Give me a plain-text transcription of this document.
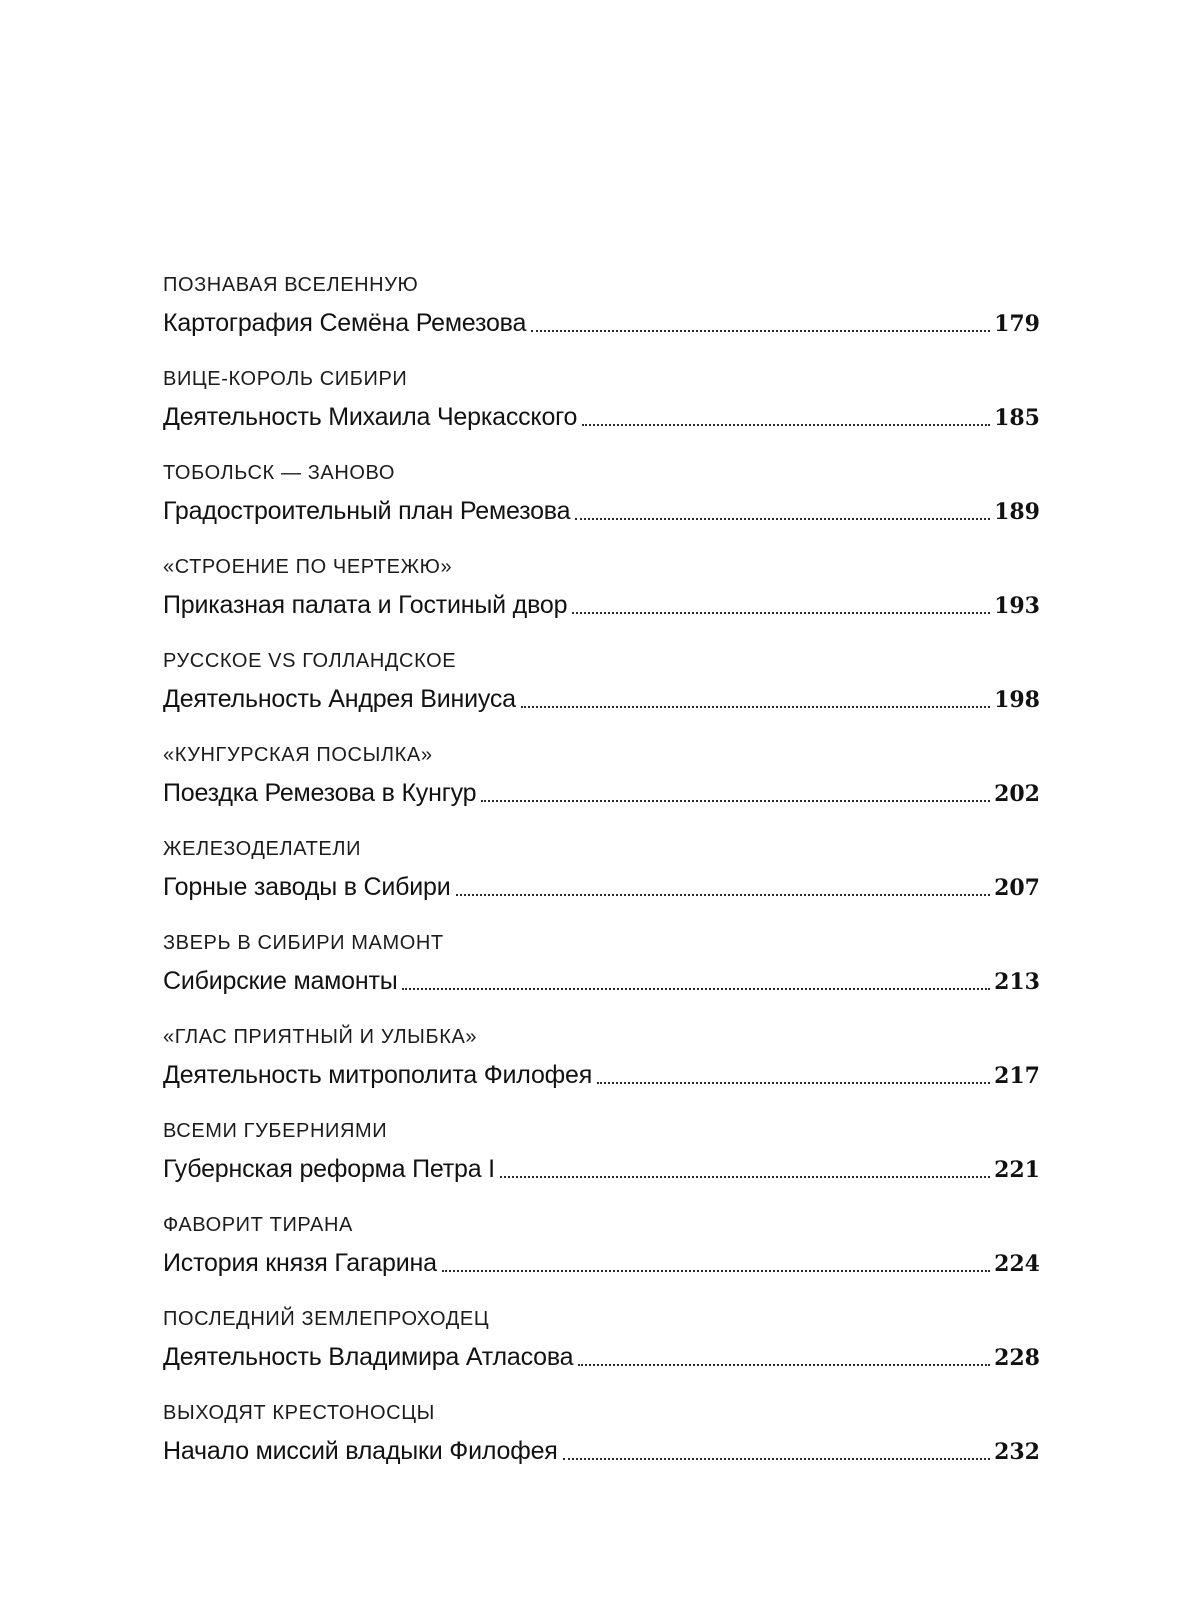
ПОЗНАВАЯ ВСЕЛЕННУЮ
Картография Семёна Ремезова	179
ВИЦЕ-КОРОЛЬ СИБИРИ
Деятельность Михаила Черкасского	185
ТОБОЛЬСК — ЗАНОВО
Градостроительный план Ремезова	189
«СТРОЕНИЕ ПО ЧЕРТЕЖЮ»
Приказная палата и Гостиный двор	193
РУССКОЕ VS ГОЛЛАНДСКОЕ
Деятельность Андрея Виниуса	198
«КУНГУРСКАЯ ПОСЫЛКА»
Поездка Ремезова в Кунгур	202
ЖЕЛЕЗОДЕЛАТЕЛИ
Горные заводы в Сибири	207
ЗВЕРЬ В СИБИРИ МАМОНТ
Сибирские мамонты	213
«ГЛАС ПРИЯТНЫЙ И УЛЫБКА»
Деятельность митрополита Филофея	217
ВСЕМИ ГУБЕРНИЯМИ
Губернская реформа Петра I	221
ФАВОРИТ ТИРАНА
История князя Гагарина	224
ПОСЛЕДНИЙ ЗЕМЛЕПРОХОДЕЦ
Деятельность Владимира Атласова	228
ВЫХОДЯТ КРЕСТОНОСЦЫ
Начало миссий владыки Филофея	232
